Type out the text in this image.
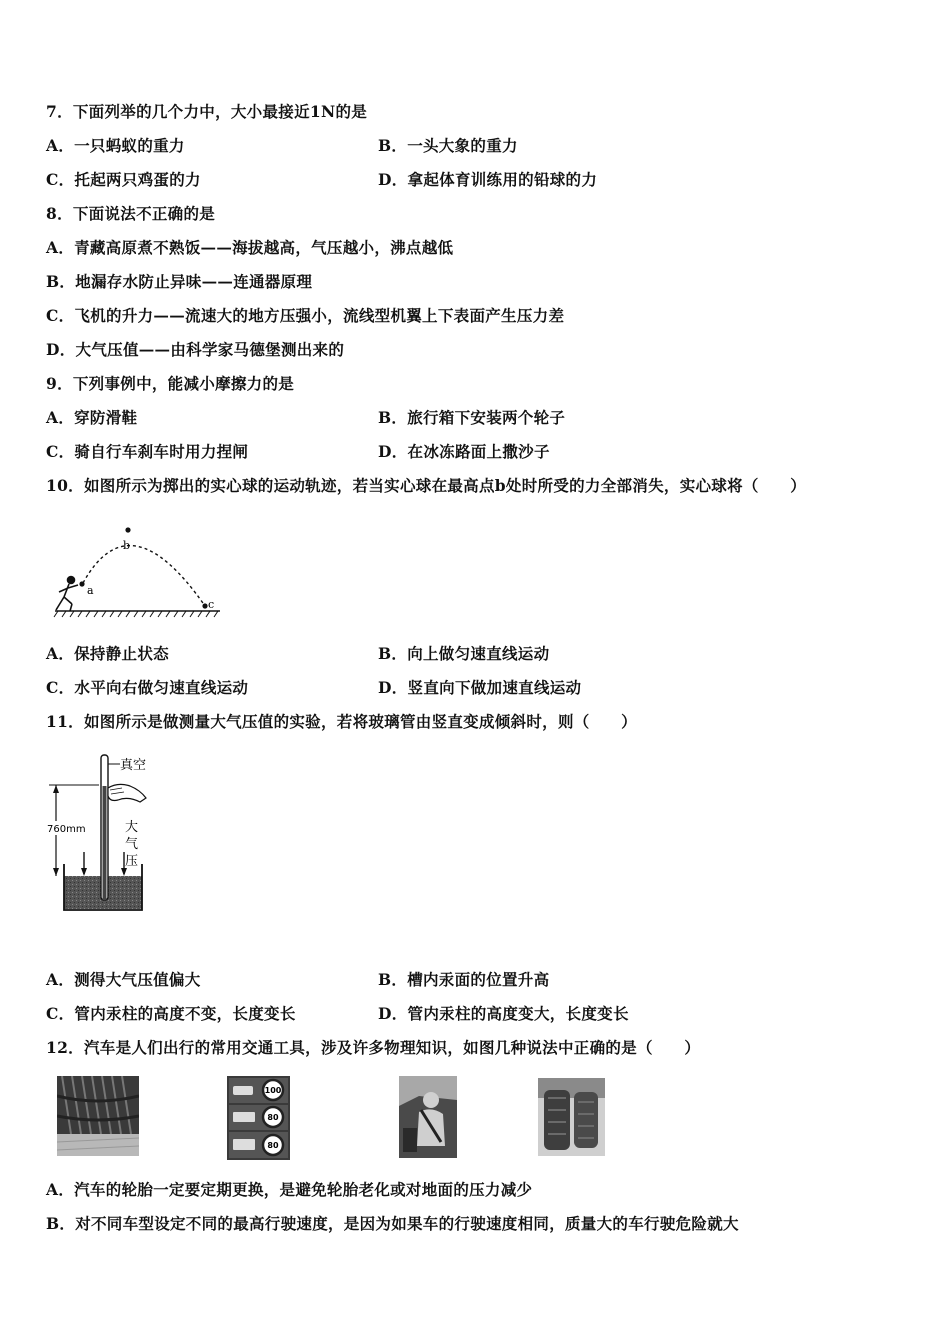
7．下面列举的几个力中，大小最接近1N的是
A．一只蚂蚁的重力	B．一头大象的重力
C．托起两只鸡蛋的力	D．拿起体育训练用的铅球的力
8．下面说法不正确的是
A．青藏高原煮不熟饭——海拔越高，气压越小，沸点越低
B．地漏存水防止异味——连通器原理
C．飞机的升力——流速大的地方压强小，流线型机翼上下表面产生压力差
D．大气压值——由科学家马德堡测出来的
9．下列事例中，能减小摩擦力的是
A．穿防滑鞋	B．旅行箱下安装两个轮子
C．骑自行车刹车时用力捏闸	D．在冰冻路面上撒沙子
10．如图所示为掷出的实心球的运动轨迹，若当实心球在最高点b处时所受的力全部消失，实心球将（　　）
a
b
c
A．保持静止状态	B．向上做匀速直线运动
C．水平向右做匀速直线运动	D．竖直向下做加速直线运动
11．如图所示是做测量大气压值的实验，若将玻璃管由竖直变成倾斜时，则（　　）
760mm
真空
大
气
压
A．测得大气压值偏大	B．槽内汞面的位置升高
C．管内汞柱的高度不变，长度变长	D．管内汞柱的高度变大，长度变长
12．汽车是人们出行的常用交通工具，涉及许多物理知识，如图几种说法中正确的是（　　）
100
80
80
A．汽车的轮胎一定要定期更换，是避免轮胎老化或对地面的压力减少
B．对不同车型设定不同的最高行驶速度，是因为如果车的行驶速度相同，质量大的车行驶危险就大
